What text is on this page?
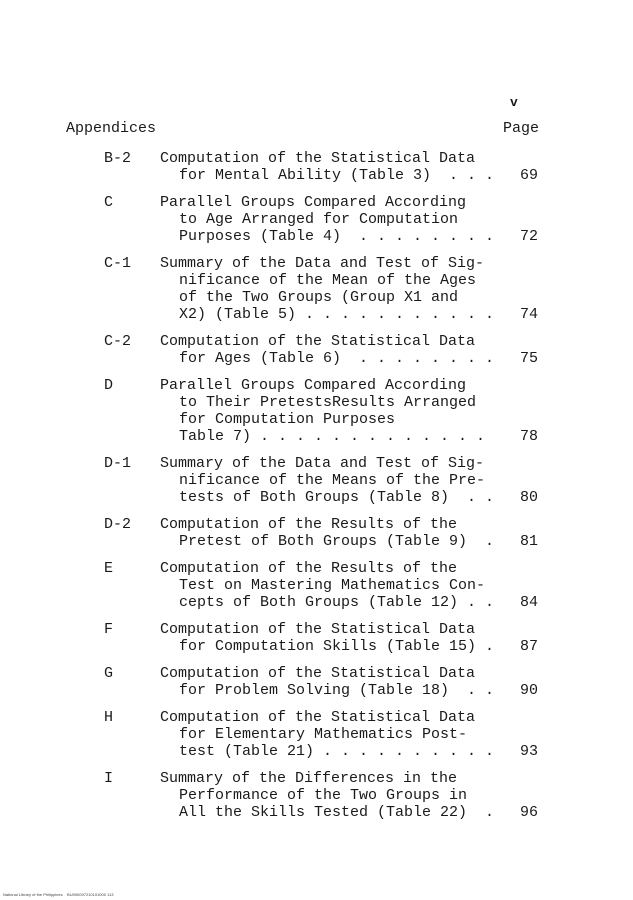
v
Appendices	Page
B-2 Computation of the Statistical Data
for Mental Ability (Table 3)  . . .	69
C	Parallel Groups Compared According
to Age Arranged for Computation
Purposes (Table 4)  . . . . . . . .	72
C-1 Summary of the Data and Test of Sig-
nificance of the Mean of the Ages
of the Two Groups (Group X1 and
X2) (Table 5) . . . . . . . . . . .	74
C-2 Computation of the Statistical Data
for Ages (Table 6)  . . . . . . . .	75
D	Parallel Groups Compared According
to Their PretestsResults Arranged
for Computation Purposes
Table 7) . . . . . . . . . . . . .	78
D-1 Summary of the Data and Test of Sig-
nificance of the Means of the Pre-
tests of Both Groups (Table 8)  . .	80
D-2 Computation of the Results of the
Pretest of Both Groups (Table 9)  .	81
E	Computation of the Results of the
Test on Mastering Mathematics Con-
cepts of Both Groups (Table 12) . .	84
F	Computation of the Statistical Data
for Computation Skills (Table 15) .	87
G	Computation of the Statistical Data
for Problem Solving (Table 18)  . .	90
H	Computation of the Statistical Data
for Elementary Mathematics Post-
test (Table 21) . . . . . . . . . .	93
I	Summary of the Differences in the
Performance of the Two Groups in
All the Skills Tested (Table 22)  .	96
National Library of the Philippines    BU000097210101000 113
